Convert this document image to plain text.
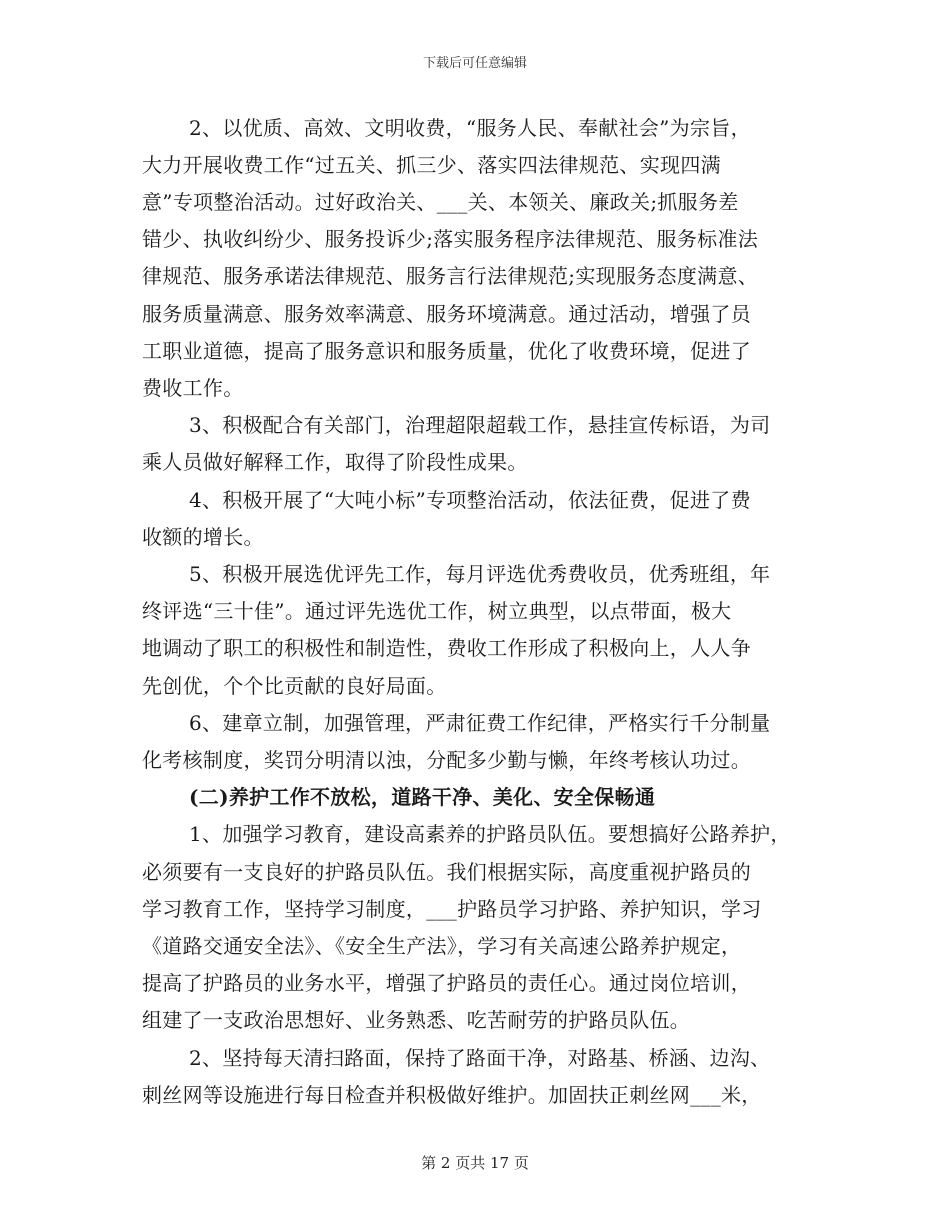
下载后可任意编辑
2、以优质、高效、文明收费，“服务人民、奉献社会”为宗旨，
大力开展收费工作“过五关、抓三少、落实四法律规范、实现四满
意”专项整治活动。过好政治关、___关、本领关、廉政关;抓服务差
错少、执收纠纷少、服务投诉少;落实服务程序法律规范、服务标准法
律规范、服务承诺法律规范、服务言行法律规范;实现服务态度满意、
服务质量满意、服务效率满意、服务环境满意。通过活动，增强了员
工职业道德，提高了服务意识和服务质量，优化了收费环境，促进了
费收工作。
3、积极配合有关部门，治理超限超载工作，悬挂宣传标语，为司
乘人员做好解释工作，取得了阶段性成果。
4、积极开展了“大吨小标”专项整治活动，依法征费，促进了费
收额的增长。
5、积极开展选优评先工作，每月评选优秀费收员，优秀班组，年
终评选“三十佳”。通过评先选优工作，树立典型，以点带面，极大
地调动了职工的积极性和制造性，费收工作形成了积极向上，人人争
先创优，个个比贡献的良好局面。
6、建章立制，加强管理，严肃征费工作纪律，严格实行千分制量
化考核制度，奖罚分明清以浊，分配多少勤与懒，年终考核认功过。
(二)养护工作不放松，道路干净、美化、安全保畅通
1、加强学习教育，建设高素养的护路员队伍。要想搞好公路养护，
必须要有一支良好的护路员队伍。我们根据实际，高度重视护路员的
学习教育工作，坚持学习制度，___护路员学习护路、养护知识，学习
《道路交通安全法》、《安全生产法》，学习有关高速公路养护规定，
提高了护路员的业务水平，增强了护路员的责任心。通过岗位培训，
组建了一支政治思想好、业务熟悉、吃苦耐劳的护路员队伍。
2、坚持每天清扫路面，保持了路面干净，对路基、桥涵、边沟、
刺丝网等设施进行每日检查并积极做好维护。加固扶正刺丝网___米，
第 2 页共 17 页
